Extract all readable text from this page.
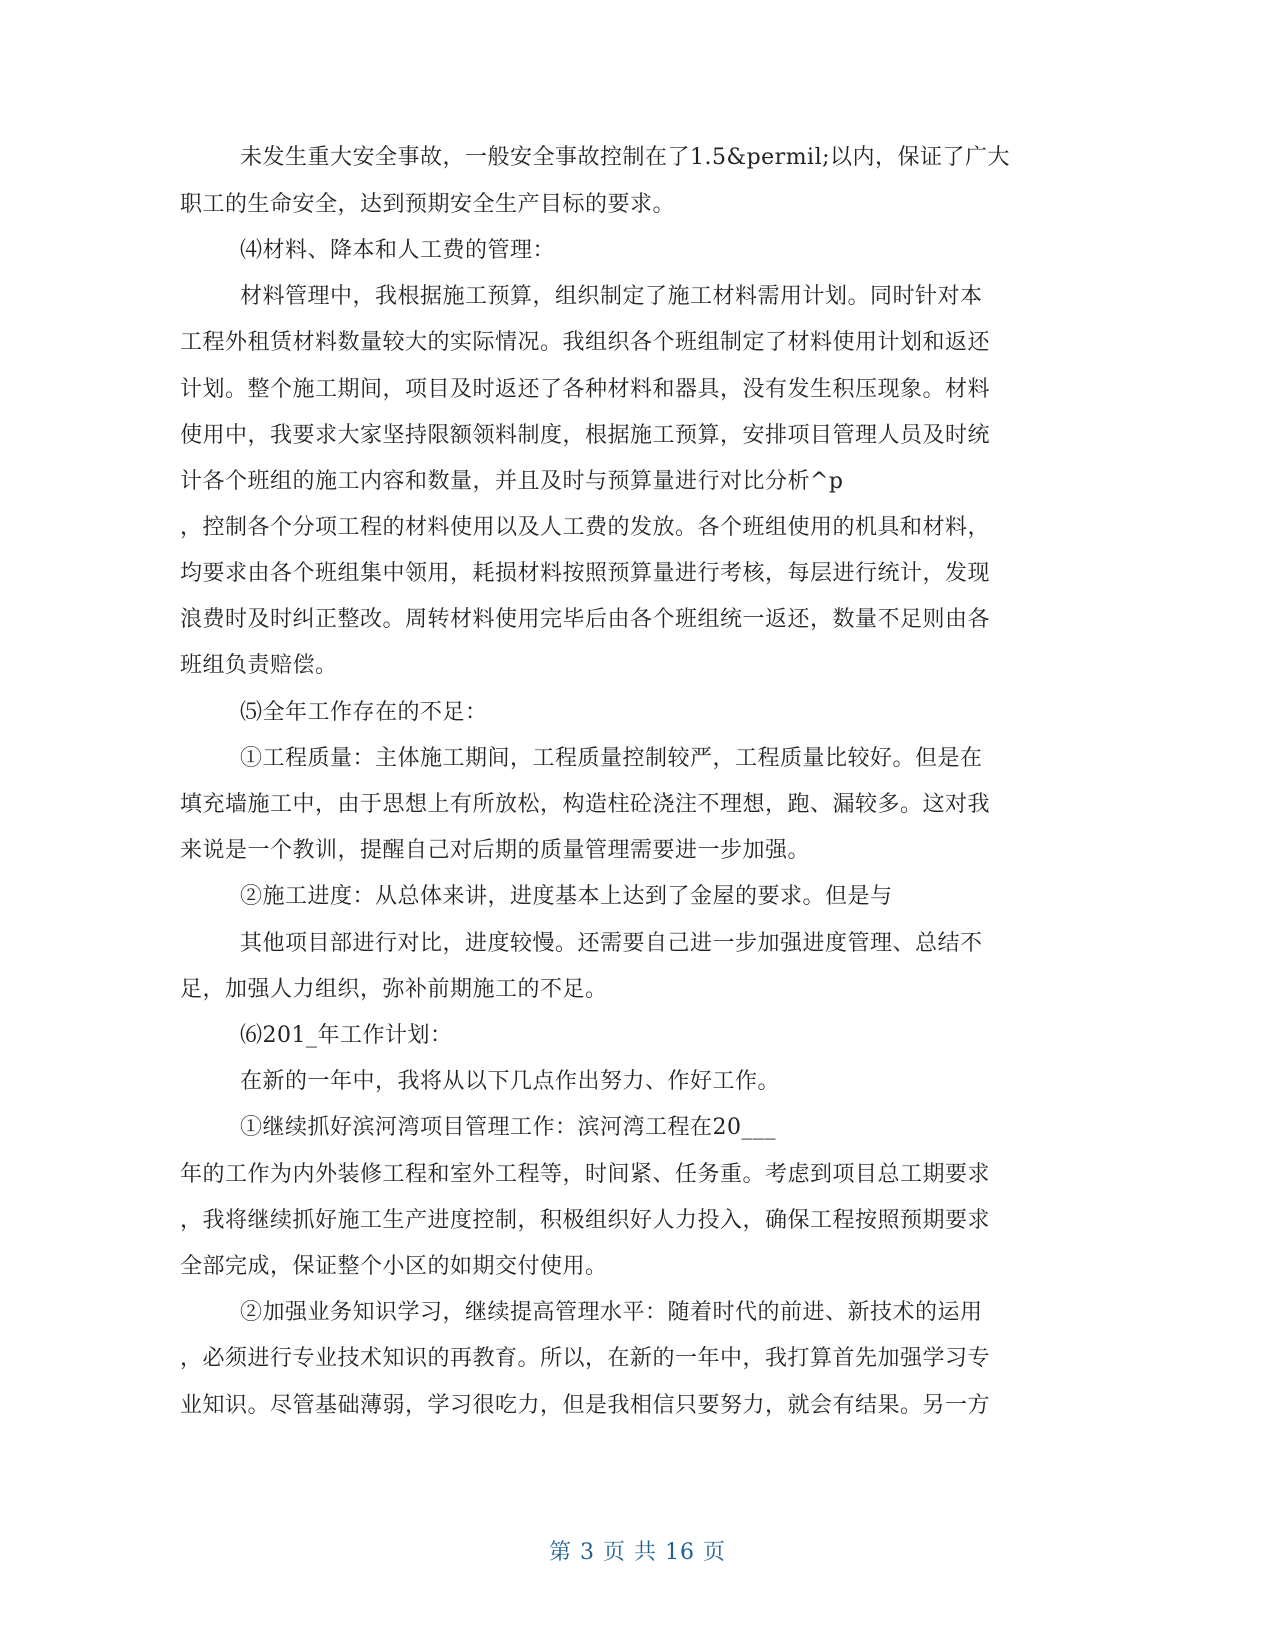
未发生重大安全事故，一般安全事故控制在了1.5&permil;以内，保证了广大
职工的生命安全，达到预期安全生产目标的要求。
⑷材料、降本和人工费的管理：
材料管理中，我根据施工预算，组织制定了施工材料需用计划。同时针对本
工程外租赁材料数量较大的实际情况。我组织各个班组制定了材料使用计划和返还
计划。整个施工期间，项目及时返还了各种材料和器具，没有发生积压现象。材料
使用中，我要求大家坚持限额领料制度，根据施工预算，安排项目管理人员及时统
计各个班组的施工内容和数量，并且及时与预算量进行对比分析^p
，控制各个分项工程的材料使用以及人工费的发放。各个班组使用的机具和材料，
均要求由各个班组集中领用，耗损材料按照预算量进行考核，每层进行统计，发现
浪费时及时纠正整改。周转材料使用完毕后由各个班组统一返还，数量不足则由各
班组负责赔偿。
⑸全年工作存在的不足：
①工程质量：主体施工期间，工程质量控制较严，工程质量比较好。但是在
填充墙施工中，由于思想上有所放松，构造柱砼浇注不理想，跑、漏较多。这对我
来说是一个教训，提醒自己对后期的质量管理需要进一步加强。
②施工进度：从总体来讲，进度基本上达到了金屋的要求。但是与
其他项目部进行对比，进度较慢。还需要自己进一步加强进度管理、总结不
足，加强人力组织，弥补前期施工的不足。
⑹201_年工作计划：
在新的一年中，我将从以下几点作出努力、作好工作。
①继续抓好滨河湾项目管理工作：滨河湾工程在20___
年的工作为内外装修工程和室外工程等，时间紧、任务重。考虑到项目总工期要求
，我将继续抓好施工生产进度控制，积极组织好人力投入，确保工程按照预期要求
全部完成，保证整个小区的如期交付使用。
②加强业务知识学习，继续提高管理水平：随着时代的前进、新技术的运用
，必须进行专业技术知识的再教育。所以，在新的一年中，我打算首先加强学习专
业知识。尽管基础薄弱，学习很吃力，但是我相信只要努力，就会有结果。另一方
第 3 页 共 16 页
